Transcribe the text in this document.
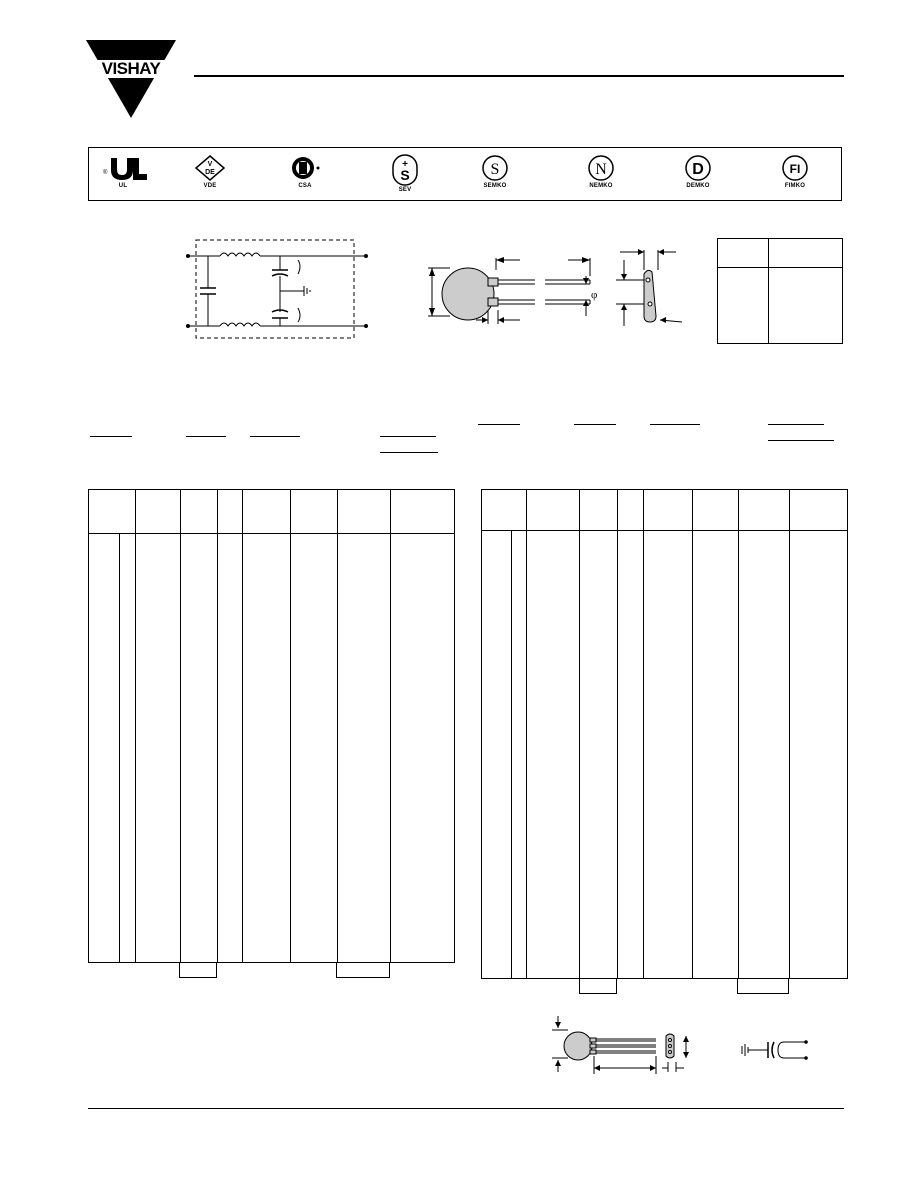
VISHAY
®
UL
V
DE
VDE	CSA
+
S
SEV
S
SEMKO
N
NEMKO
D
DEMKO
FI
FIMKO
φ
